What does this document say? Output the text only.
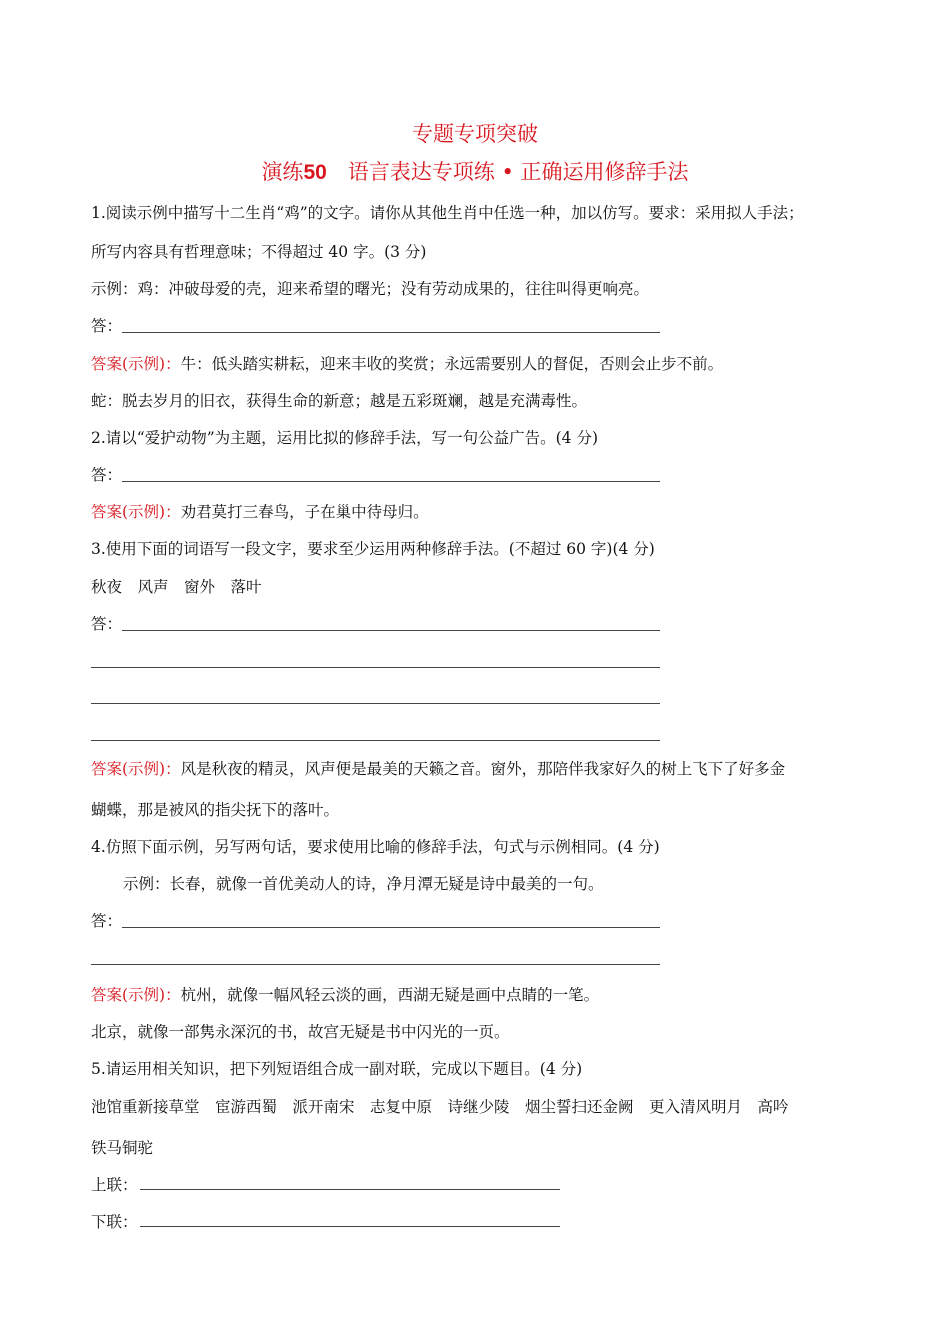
专题专项突破
演练50　 语言表达专项练 • 正确运用修辞手法
1.阅读示例中描写十二生肖“鸡”的文字。请你从其他生肖中任选一种，加以仿写。要求：采用拟人手法；
所写内容具有哲理意味；不得超过 40 字。(3 分)
示例：鸡：冲破母爱的壳，迎来希望的曙光；没有劳动成果的，往往叫得更响亮。
答：
答案(示例)：牛：低头踏实耕耘，迎来丰收的奖赏；永远需要别人的督促，否则会止步不前。
蛇：脱去岁月的旧衣，获得生命的新意；越是五彩斑斓，越是充满毒性。
2.请以“爱护动物”为主题，运用比拟的修辞手法，写一句公益广告。(4 分)
答：
答案(示例)：劝君莫打三春鸟，子在巢中待母归。
3.使用下面的词语写一段文字，要求至少运用两种修辞手法。(不超过 60 字)(4 分)
秋夜　风声　窗外　落叶
答：
答案(示例)：风是秋夜的精灵，风声便是最美的天籁之音。窗外，那陪伴我家好久的树上飞下了好多金
蝴蝶，那是被风的指尖抚下的落叶。
4.仿照下面示例，另写两句话，要求使用比喻的修辞手法，句式与示例相同。(4 分)
示例：长春，就像一首优美动人的诗，净月潭无疑是诗中最美的一句。
答：
答案(示例)：杭州，就像一幅风轻云淡的画，西湖无疑是画中点睛的一笔。
北京，就像一部隽永深沉的书，故宫无疑是书中闪光的一页。
5.请运用相关知识，把下列短语组合成一副对联，完成以下题目。(4 分)
池馆重新接草堂　宦游西蜀　派开南宋　志复中原　诗继少陵　烟尘誓扫还金阙　更入清风明月　高吟
铁马铜驼
上联：
下联：
